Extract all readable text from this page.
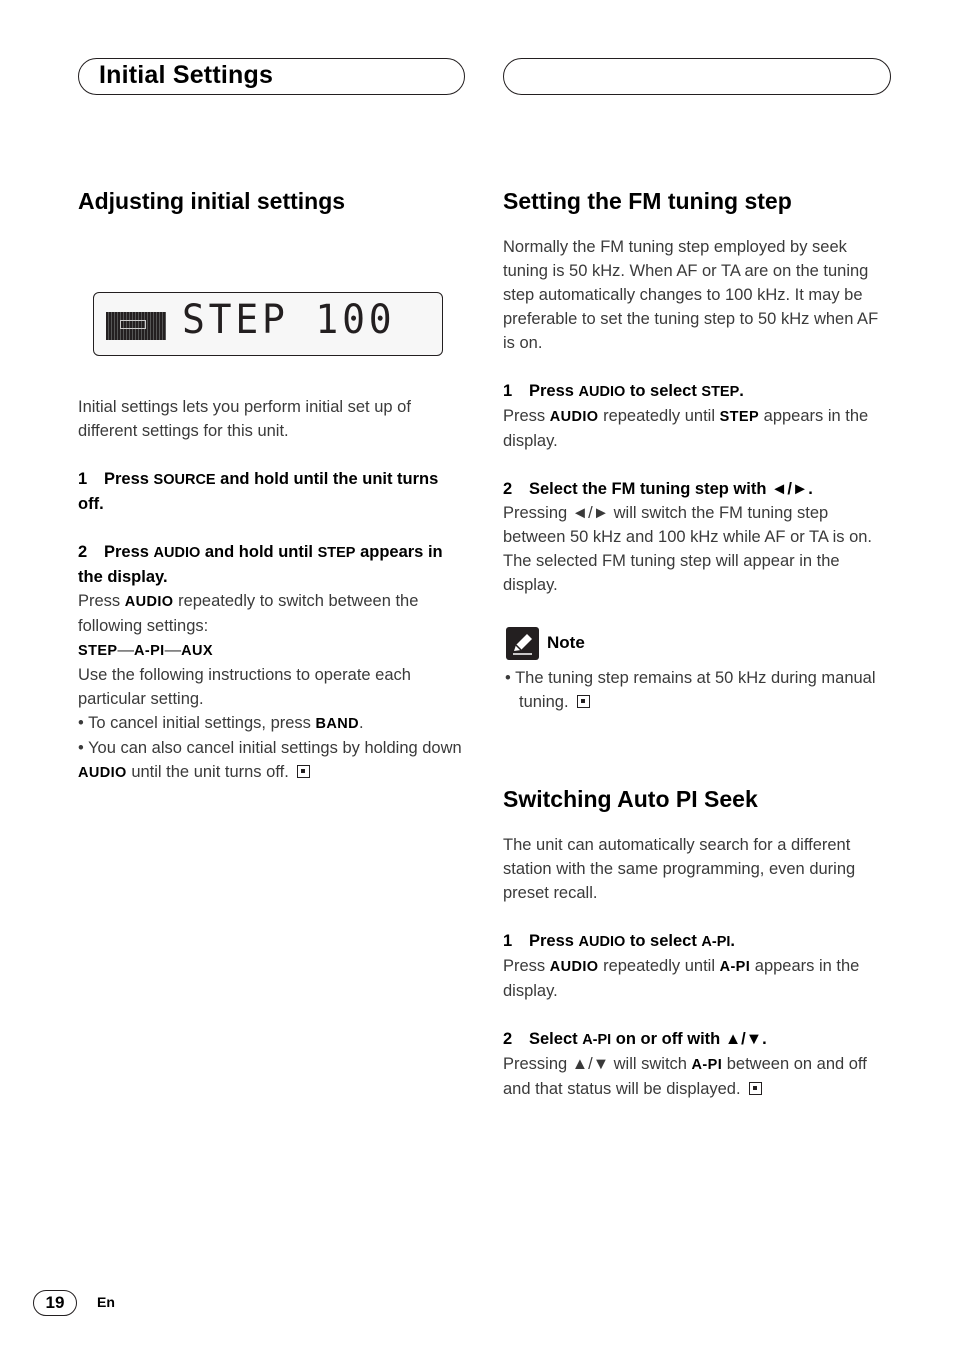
Initial Settings
Adjusting initial settings
STEP 100

Initial settings lets you perform initial set up of different settings for this unit.

1 Press SOURCE and hold until the unit turns off.

2 Press AUDIO and hold until STEP appears in the display.

Press AUDIO repeatedly to switch between the following settings:

STEP—A-PI—AUX

Use the following instructions to operate each particular setting.

• To cancel initial settings, press BAND.

• You can also cancel initial settings by holding down AUDIO until the unit turns off.

Setting the FM tuning step

Normally the FM tuning step employed by seek tuning is 50 kHz. When AF or TA are on the tuning step automatically changes to 100 kHz. It may be preferable to set the tuning step to 50 kHz when AF is on.

1 Press AUDIO to select STEP.

Press AUDIO repeatedly until STEP appears in the display.

2 Select the FM tuning step with ◄/►.

Pressing ◄/► will switch the FM tuning step between 50 kHz and 100 kHz while AF or TA is on. The selected FM tuning step will appear in the display.

Note

• The tuning step remains at 50 kHz during manual tuning.

Switching Auto PI Seek

The unit can automatically search for a different station with the same programming, even during preset recall.

1 Press AUDIO to select A-PI.

Press AUDIO repeatedly until A-PI appears in the display.

2 Select A-PI on or off with ▲/▼.

Pressing ▲/▼ will switch A-PI between on and off and that status will be displayed.

19	En
